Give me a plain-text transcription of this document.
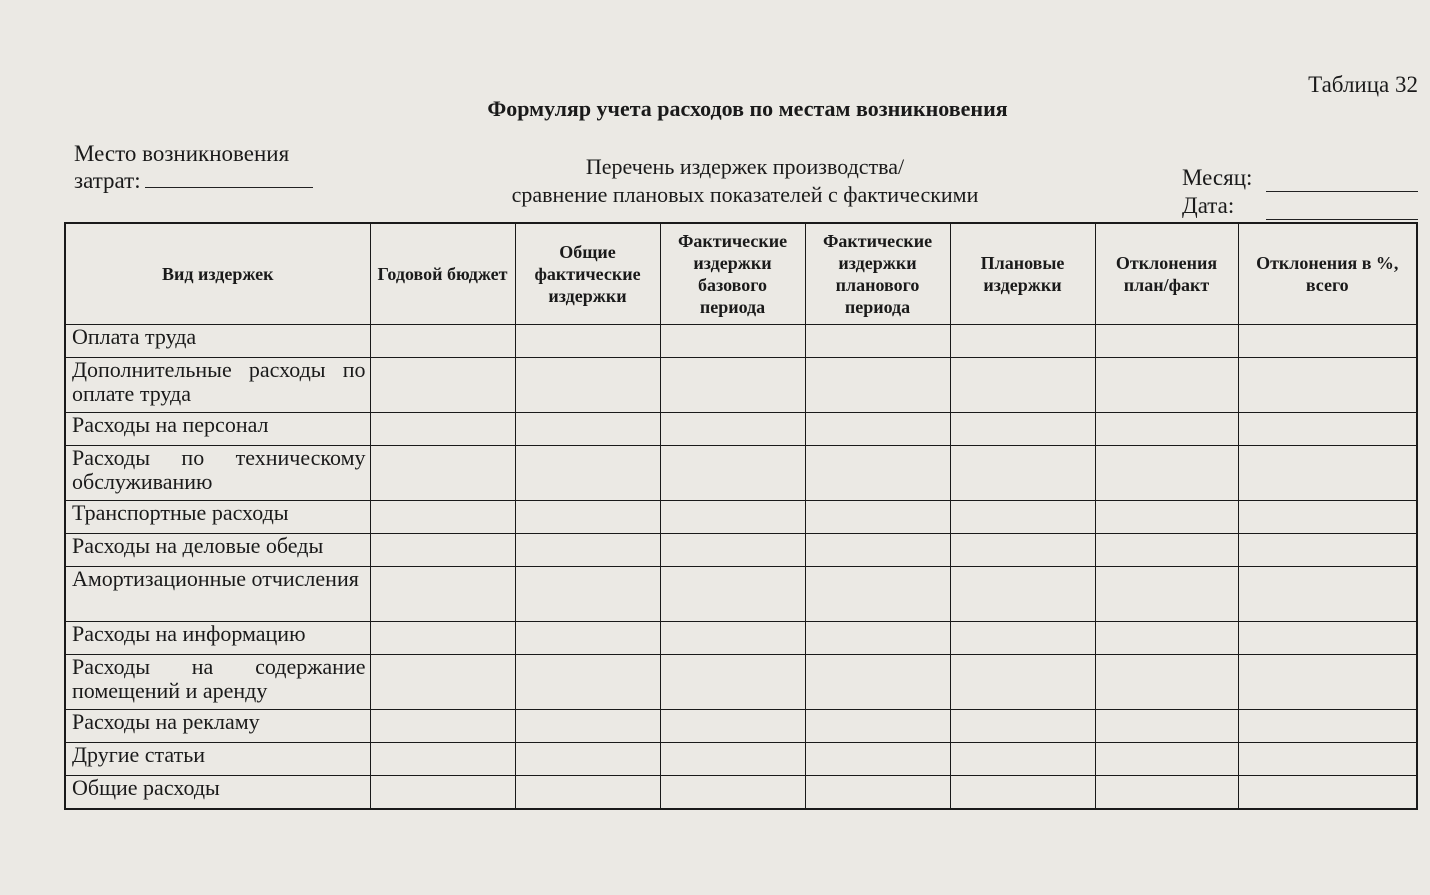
Таблица 32
Формуляр учета расходов по местам возникновения
Место возникновения
затрат:
Перечень издержек производства/
сравнение плановых показателей с фактическими
Месяц:
Дата:
Вид издержек	Годовой бюджет	Общие фактические издержки	Фактические издержки базового периода	Фактические издержки планового периода	Плановые издержки	Отклонения план/факт	Отклонения в %, всего
Оплата труда							
Дополнительные расходы по оплате труда							
Расходы на персонал							
Расходы по техническому обслуживанию							
Транспортные расходы							
Расходы на деловые обеды							
Амортизационные отчисления							
Расходы на информацию							
Расходы на содержание помещений и аренду							
Расходы на рекламу							
Другие статьи							
Общие расходы							
